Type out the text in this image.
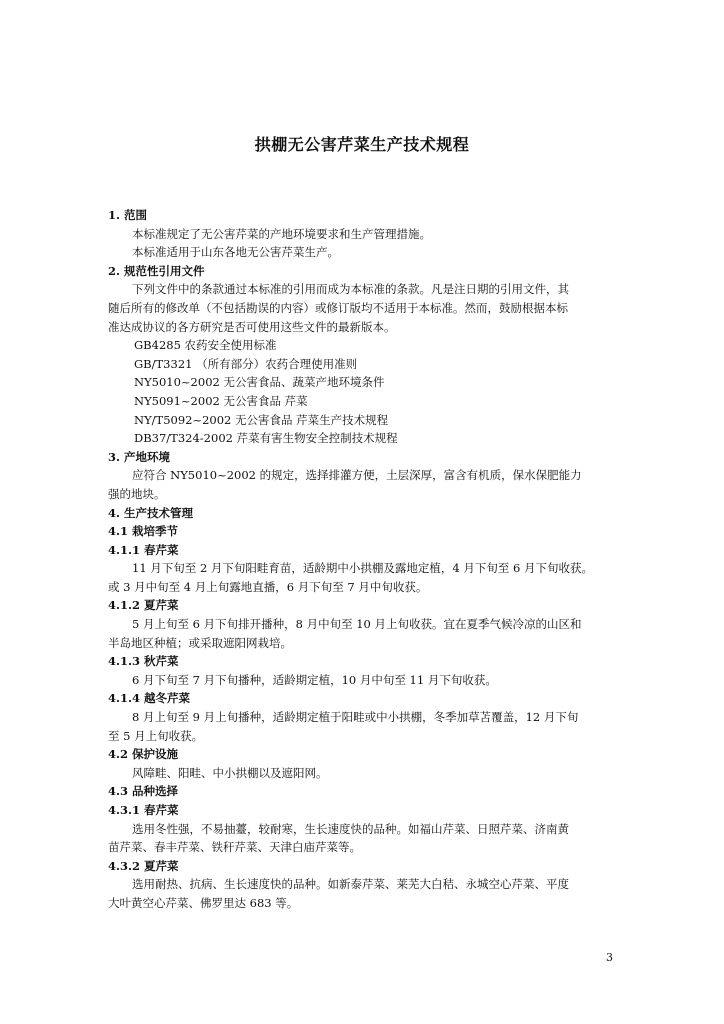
拱棚无公害芹菜生产技术规程
1. 范围
本标准规定了无公害芹菜的产地环境要求和生产管理措施。
本标准适用于山东各地无公害芹菜生产。
2. 规范性引用文件
下列文件中的条款通过本标准的引用而成为本标准的条款。凡是注日期的引用文件，其
随后所有的修改单（不包括勘误的内容）或修订版均不适用于本标准。然而，鼓励根据本标
准达成协议的各方研究是否可使用这些文件的最新版本。
GB4285 农药安全使用标准
GB/T3321 （所有部分）农药合理使用准则
NY5010~2002 无公害食品、蔬菜产地环境条件
NY5091~2002 无公害食品 芹菜
NY/T5092~2002 无公害食品 芹菜生产技术规程
DB37/T324-2002 芹菜有害生物安全控制技术规程
3. 产地环境
应符合 NY5010~2002 的规定，选择排灌方便，土层深厚，富含有机质，保水保肥能力
强的地块。
4. 生产技术管理
4.1 栽培季节
4.1.1 春芹菜
11 月下旬至 2 月下旬阳畦育苗，适龄期中小拱棚及露地定植，4 月下旬至 6 月下旬收获。
或 3 月中旬至 4 月上旬露地直播，6 月下旬至 7 月中旬收获。
4.1.2 夏芹菜
5 月上旬至 6 月下旬排开播种，8 月中旬至 10 月上旬收获。宜在夏季气候冷凉的山区和
半岛地区种植；或采取遮阳网栽培。
4.1.3 秋芹菜
6 月下旬至 7 月下旬播种，适龄期定植，10 月中旬至 11 月下旬收获。
4.1.4 越冬芹菜
8 月上旬至 9 月上旬播种，适龄期定植于阳畦或中小拱棚，冬季加草苫覆盖，12 月下旬
至 5 月上旬收获。
4.2 保护设施
风障畦、阳畦、中小拱棚以及遮阳网。
4.3 品种选择
4.3.1 春芹菜
选用冬性强，不易抽薹，较耐寒，生长速度快的品种。如福山芹菜、日照芹菜、济南黄
苗芹菜、春丰芹菜、铁秆芹菜、天津白庙芹菜等。
4.3.2 夏芹菜
选用耐热、抗病、生长速度快的品种。如新泰芹菜、莱芜大白秸、永城空心芹菜、平度
大叶黄空心芹菜、佛罗里达 683 等。
3
